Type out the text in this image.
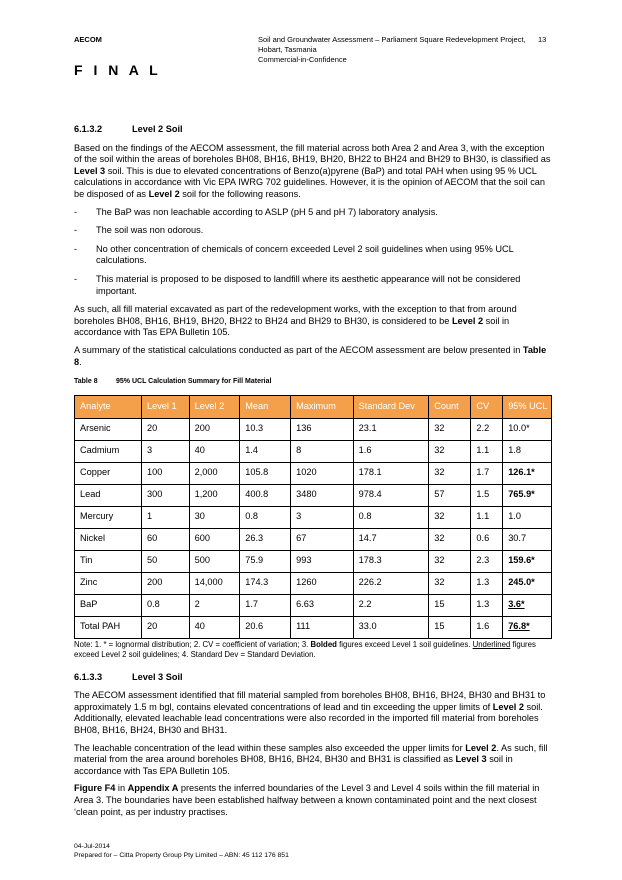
AECOM	Soil and Groundwater Assessment – Parliament Square Redevelopment Project, Hobart, Tasmania
Commercial-in-Confidence
13
F I N A L
6.1.3.2	Level 2 Soil

Based on the findings of the AECOM assessment, the fill material across both Area 2 and Area 3, with the exception of the soil within the areas of boreholes BH08, BH16, BH19, BH20, BH22 to BH24 and BH29 to BH30, is classified as Level 3 soil. This is due to elevated concentrations of Benzo(a)pyrene (BaP) and total PAH when using 95 % UCL calculations in accordance with Vic EPA IWRG 702 guidelines. However, it is the opinion of AECOM that the soil can be disposed of as Level 2 soil for the following reasons.

- The BaP was non leachable according to ASLP (pH 5 and pH 7) laboratory analysis.
- The soil was non odorous.
- No other concentration of chemicals of concern exceeded Level 2 soil guidelines when using 95% UCL calculations.
- This material is proposed to be disposed to landfill where its aesthetic appearance will not be considered important.

As such, all fill material excavated as part of the redevelopment works, with the exception to that from around boreholes BH08, BH16, BH19, BH20, BH22 to BH24 and BH29 to BH30, is considered to be Level 2 soil in accordance with Tas EPA Bulletin 105.

A summary of the statistical calculations conducted as part of the AECOM assessment are below presented in Table 8.

Table 8	95% UCL Calculation Summary for Fill Material
Analyte	Level 1	Level 2	Mean	Maximum	Standard Dev	Count	CV	95% UCL
Arsenic	20	200	10.3	136	23.1	32	2.2	10.0*
Cadmium	3	40	1.4	8	1.6	32	1.1	1.8
Copper	100	2,000	105.8	1020	178.1	32	1.7	126.1*
Lead	300	1,200	400.8	3480	978.4	57	1.5	765.9*
Mercury	1	30	0.8	3	0.8	32	1.1	1.0
Nickel	60	600	26.3	67	14.7	32	0.6	30.7
Tin	50	500	75.9	993	178.3	32	2.3	159.6*
Zinc	200	14,000	174.3	1260	226.2	32	1.3	245.0*
BaP	0.8	2	1.7	6.63	2.2	15	1.3	3.6*
Total PAH	20	40	20.6	111	33.0	15	1.6	76.8*
Note: 1. * = lognormal distribution; 2. CV = coefficient of variation; 3. Bolded figures exceed Level 1 soil guidelines. Underlined figures exceed Level 2 soil guidelines; 4. Standard Dev = Standard Deviation.
6.1.3.3	Level 3 Soil

The AECOM assessment identified that fill material sampled from boreholes BH08, BH16, BH24, BH30 and BH31 to approximately 1.5 m bgl, contains elevated concentrations of lead and tin exceeding the upper limits of Level 2 soil. Additionally, elevated leachable lead concentrations were also recorded in the imported fill material from boreholes BH08, BH16, BH24, BH30 and BH31.

The leachable concentration of the lead within these samples also exceeded the upper limits for Level 2. As such, fill material from the area around boreholes BH08, BH16, BH24, BH30 and BH31 is classified as Level 3 soil in accordance with Tas EPA Bulletin 105.

Figure F4 in Appendix A presents the inferred boundaries of the Level 3 and Level 4 soils within the fill material in Area 3. The boundaries have been established halfway between a known contaminated point and the next closest ‘clean point, as per industry practises.

04-Jul-2014
Prepared for – Citta Property Group Pty Limited – ABN: 45 112 176 851
